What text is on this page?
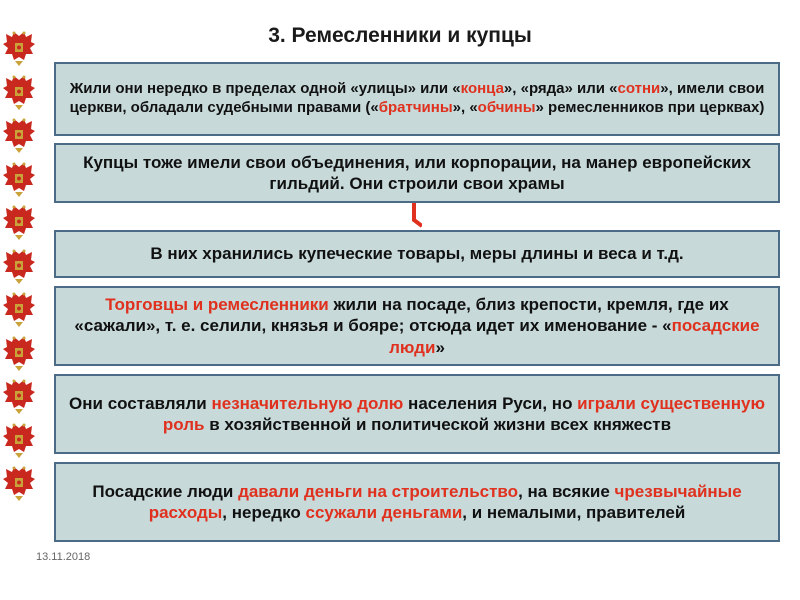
3. Ремесленники и купцы
Жили они нередко в пределах одной «улицы» или «конца», «ряда» или «сотни», имели свои церкви, обладали судебными правами («братчины», «обчины» ремесленников при церквах)
Купцы тоже имели свои объединения, или корпорации, на манер европейских гильдий. Они строили свои храмы
В них хранились купеческие товары, меры длины и веса и т.д.
Торговцы и ремесленники жили на посаде, близ крепости, кремля, где их «сажали», т. е. селили, князья и бояре; отсюда идет их именование - «посадские люди»
Они составляли незначительную долю населения Руси, но играли существенную роль в хозяйственной и политической жизни всех княжеств
Посадские люди давали деньги на строительство, на всякие чрезвычайные расходы, нередко ссужали деньгами, и немалыми, правителей
13.11.2018
